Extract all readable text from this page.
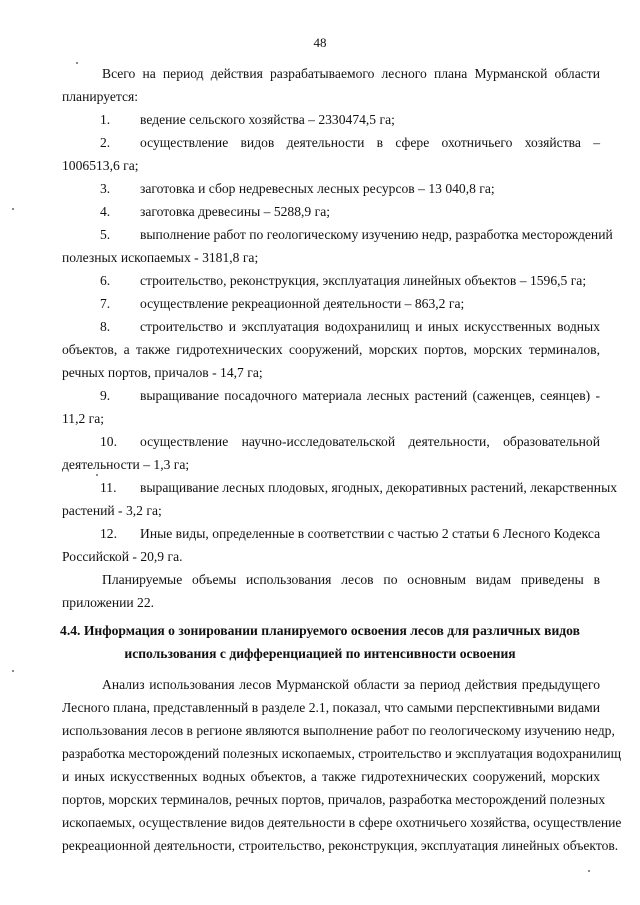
48
Всего на период действия разрабатываемого лесного плана Мурманской области
планируется:
1. ведение сельского хозяйства – 2330474,5 га;
2. осуществление видов деятельности в сфере охотничьего хозяйства –
1006513,6 га;
3. заготовка и сбор недревесных лесных ресурсов – 13 040,8 га;
4. заготовка древесины – 5288,9 га;
5. выполнение работ по геологическому изучению недр, разработка месторождений
полезных ископаемых - 3181,8 га;
6. строительство, реконструкция, эксплуатация линейных объектов – 1596,5 га;
7. осуществление рекреационной деятельности – 863,2 га;
8. строительство и эксплуатация водохранилищ и иных искусственных водных
объектов, а также гидротехнических сооружений, морских портов, морских терминалов,
речных портов, причалов - 14,7 га;
9. выращивание посадочного материала лесных растений (саженцев, сеянцев) -
11,2 га;
10. осуществление научно-исследовательской деятельности, образовательной
деятельности – 1,3 га;
11. выращивание лесных плодовых, ягодных, декоративных растений, лекарственных
растений - 3,2 га;
12. Иные виды, определенные в соответствии с частью 2 статьи 6 Лесного Кодекса
Российской - 20,9 га.
Планируемые объемы использования лесов по основным видам приведены в
приложении 22.
4.4. Информация о зонировании планируемого освоения лесов для различных видов
использования с дифференциацией по интенсивности освоения
Анализ использования лесов Мурманской области за период действия предыдущего
Лесного плана, представленный в разделе 2.1, показал, что самыми перспективными видами
использования лесов в регионе являются выполнение работ по геологическому изучению недр,
разработка месторождений полезных ископаемых, строительство и эксплуатация водохранилищ
и иных искусственных водных объектов, а также гидротехнических сооружений, морских
портов, морских терминалов, речных портов, причалов, разработка месторождений полезных
ископаемых, осуществление видов деятельности в сфере охотничьего хозяйства, осуществление
рекреационной деятельности, строительство, реконструкция, эксплуатация линейных объектов.
